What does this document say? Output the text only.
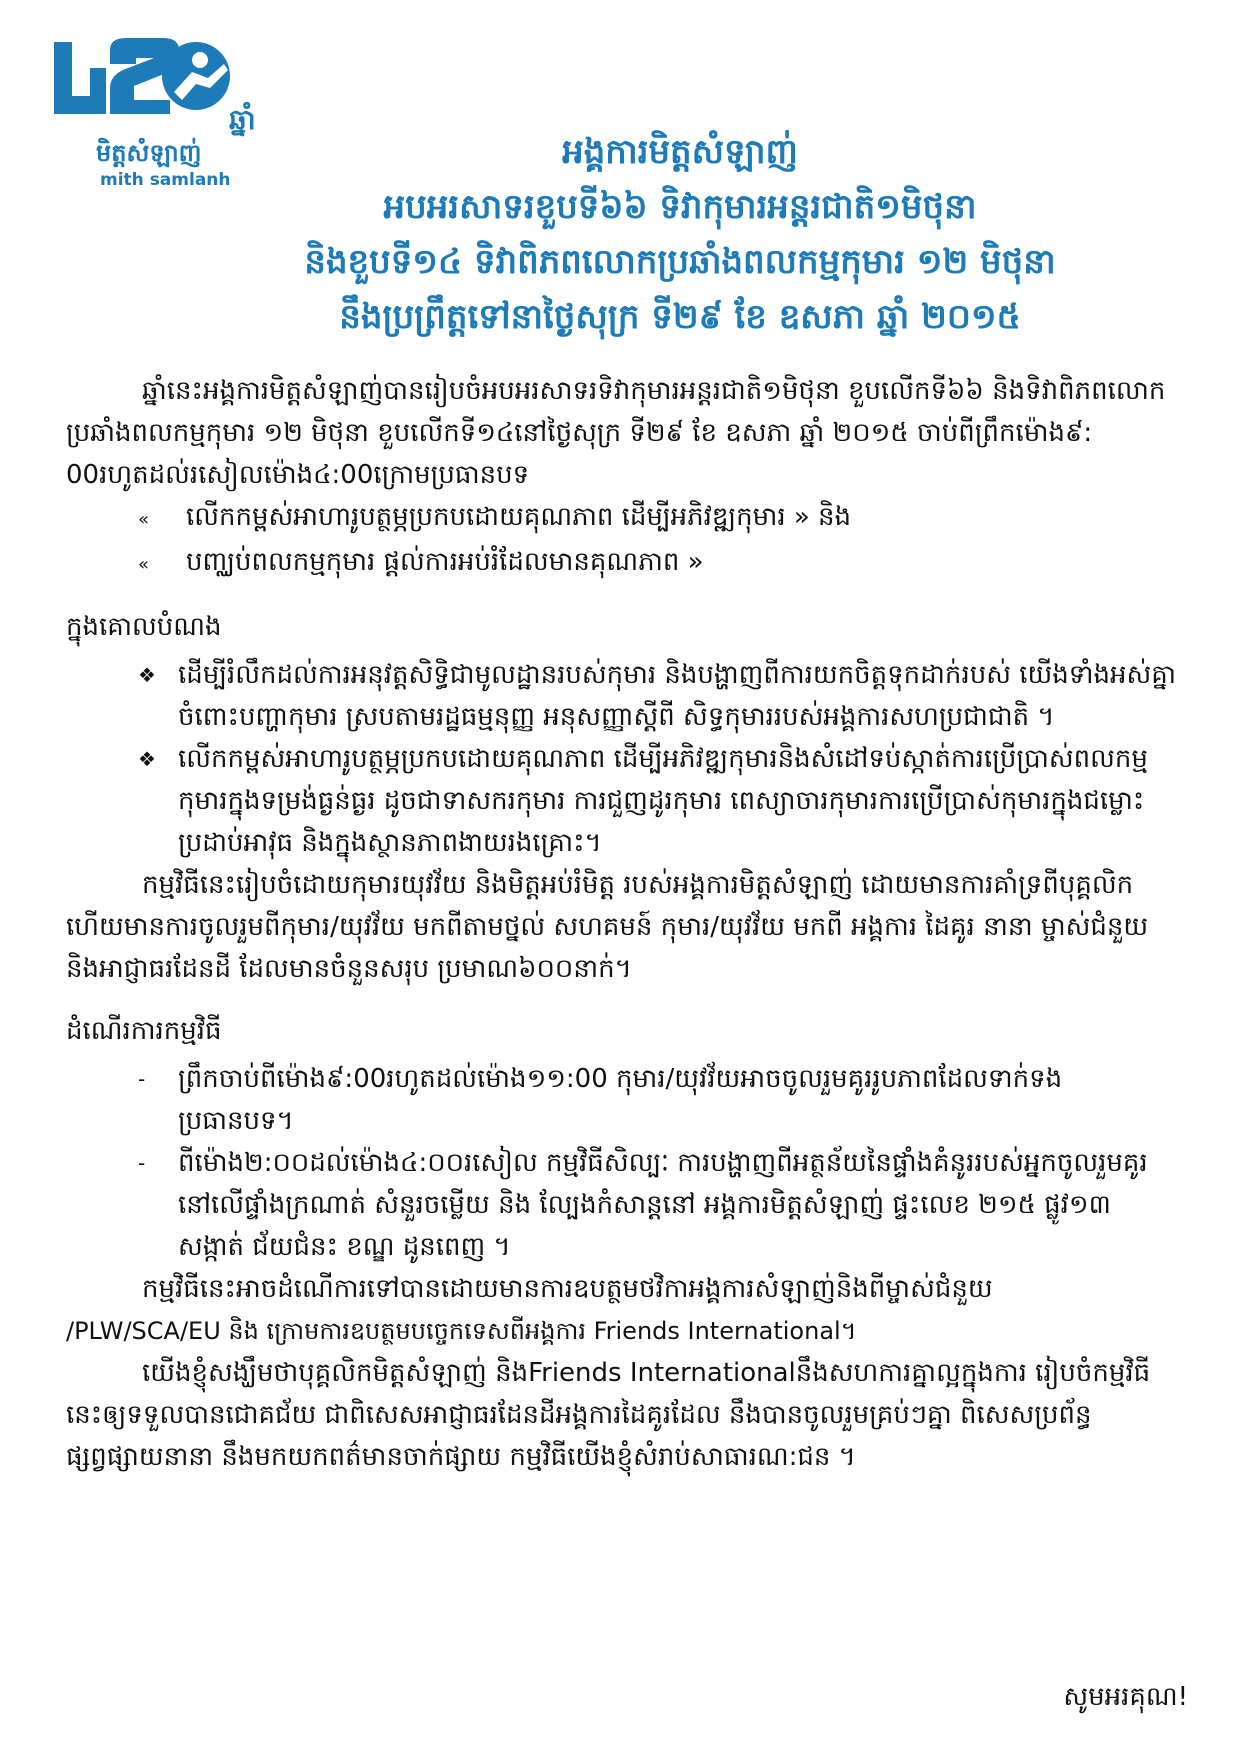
ឆ្នាំ
មិត្តសំឡាញ់
mith samlanh
អង្គការមិត្តសំឡាញ់
អបអរសាទរខួបទី៦៦ ទិវាកុមារអន្តរជាតិ១មិថុនា
និងខួបទី១៤ ទិវាពិភពលោកប្រឆាំងពលកម្មកុមារ ១២ មិថុនា
នឹងប្រព្រឹត្តទៅនាថ្ងៃសុក្រ ទី២៩ ខែ ឧសភា ឆ្នាំ ២០១៥

ឆ្នាំនេះអង្គការមិត្តសំឡាញ់បានរៀបចំអបអរសាទរទិវាកុមារអន្តរជាតិ១មិថុនា ខួបលើកទី៦៦ និងទិវាពិភពលោកប្រឆាំងពលកម្មកុមារ ១២ មិថុនា ខួបលើកទី១៤នៅថ្ងៃសុក្រ ទី២៩ ខែ ឧសភា ឆ្នាំ ២០១៥ ចាប់ពីព្រឹកម៉ោង៩: 00រហូតដល់រសៀលម៉ោង៤:00ក្រោមប្រធានបទ

« លើកកម្ពស់អាហារូបត្ថម្ភប្រកបដោយគុណភាព ដើម្បីអភិវឌ្ឍកុមារ » និង

« បញ្ឈប់ពលកម្មកុមារ ផ្តល់ការអប់រំដែលមានគុណភាព »

ក្នុងគោលបំណង

❖ ដើម្បីរំលឹកដល់ការអនុវត្តសិទ្ធិជាមូលដ្ឋានរបស់កុមារ និងបង្ហាញពីការយកចិត្តទុកដាក់របស់ យើងទាំងអស់គ្នាចំពោះបញ្ហាកុមារ ស្របតាមរដ្ឋធម្មនុញ្ញ អនុសញ្ញាស្តីពី សិទ្ធកុមាររបស់អង្គការសហប្រជាជាតិ ។
❖ លើកកម្ពស់អាហារូបត្ថម្ភប្រកបដោយគុណភាព ដើម្បីអភិវឌ្ឍកុមារនិងសំដៅទប់ស្កាត់ការប្រើប្រាស់ពលកម្មកុមារក្នុងទម្រង់ធ្ងន់ធ្ងរ ដូចជាទាសករកុមារ ការជួញដូរកុមារ ពេស្យាចារកុមារការប្រើប្រាស់កុមារក្នុងជម្លោះប្រដាប់អាវុធ និងក្នុងស្ថានភាពងាយរងគ្រោះ។

កម្មវិធីនេះរៀបចំដោយកុមារយុវវ័យ និងមិត្តអប់រំមិត្ត របស់អង្គការមិត្តសំឡាញ់ ដោយមានការគាំទ្រពីបុគ្គលិក ហើយមានការចូលរួមពីកុមារ/យុវវ័យ មកពីតាមថ្នល់ សហគមន៍ កុមារ/យុវវ័យ មកពី អង្គការ ដៃគូរ នានា ម្ចាស់ជំនួយ និងអាជ្ញាធរដែនដី ដែលមានចំនួនសរុប ប្រមាណ៦០០នាក់។

ដំណើរការកម្មវិធី

- ព្រឹកចាប់ពីម៉ោង៩:00រហូតដល់ម៉ោង១១:00 កុមារ/យុវវ័យអាចចូលរួមគូររូបភាពដែលទាក់ទងប្រធានបទ។
- ពីម៉ោង២:០០ដល់ម៉ោង៤:០០រសៀល កម្មវិធីសិល្បៈ ការបង្ហាញពីអត្ថន័យនៃផ្ទាំងគំនូររបស់អ្នកចូលរួមគូរនៅលើផ្ទាំងក្រណាត់ សំនួរចម្លើយ និង ល្បែងកំសាន្តនៅ អង្គការមិត្តសំឡាញ់ ផ្ទះលេខ ២១៥ ផ្លូវ១៣ សង្កាត់ ជ័យជំនះ ខណ្ឌ ដូនពេញ ។

កម្មវិធីនេះអាចដំណើការទៅបានដោយមានការឧបត្ថមថវិកាអង្គការសំឡាញ់និងពីម្ចាស់ជំនួយ

/PLW/SCA/EU និង ក្រោមការឧបត្ថមបច្ចេកទេសពីអង្គការ Friends International។

យើងខ្ញុំសង្ឃឹមថាបុគ្គលិកមិត្តសំឡាញ់ និងFriends Internationalនឹងសហការគ្នាល្អក្នុងការ រៀបចំកម្មវិធីនេះឲ្យទទួលបានជោគជ័យ ជាពិសេសអាជ្ញាធរដែនដីអង្គការដៃគូរដែល នឹងបានចូលរួមគ្រប់ៗគ្នា ពិសេសប្រព័ន្ធផ្សព្វផ្សាយនានា នឹងមកយកពត៌មានចាក់ផ្សាយ កម្មវិធីយើងខ្ញុំសំរាប់សាធារណ:ជន ។

សូមអរគុណ!
